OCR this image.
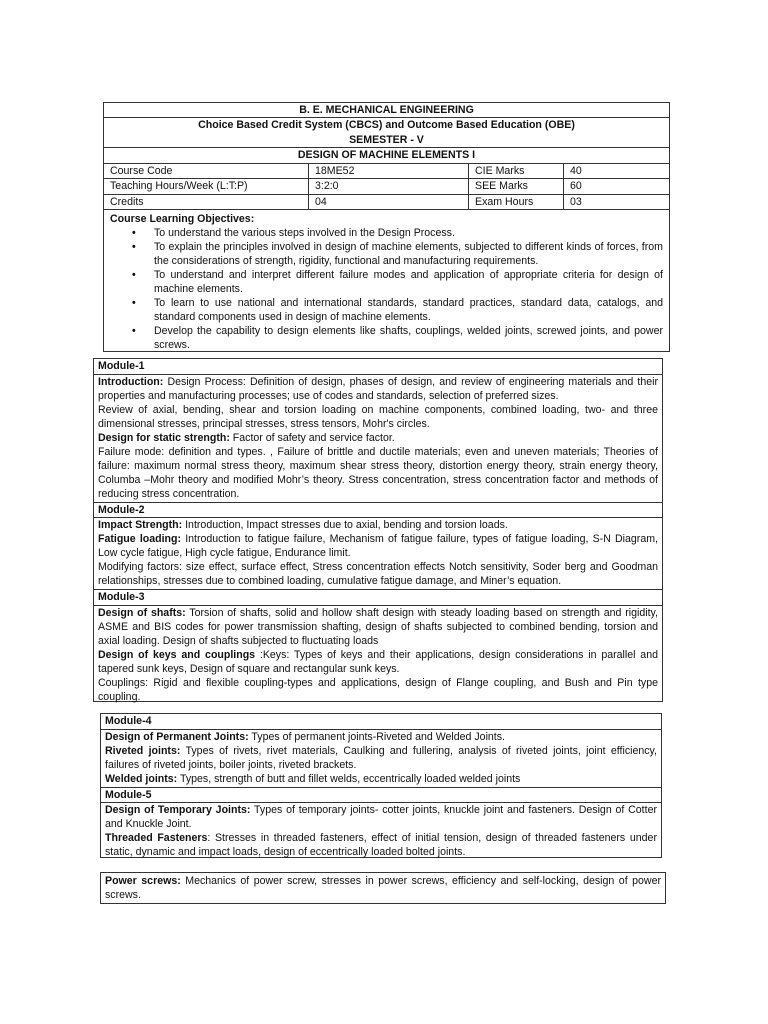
B. E. MECHANICAL ENGINEERING
Choice Based Credit System (CBCS) and Outcome Based Education (OBE)
SEMESTER - V
DESIGN OF MACHINE ELEMENTS I
Course Code	18ME52	CIE Marks	40
Teaching Hours/Week (L:T:P)	3:2:0	SEE Marks	60
Credits	04	Exam Hours	03
Course Learning Objectives:
• To understand the various steps involved in the Design Process.
• To explain the principles involved in design of machine elements, subjected to different kinds of forces, from the considerations of strength, rigidity, functional and manufacturing requirements.
• To understand and interpret different failure modes and application of appropriate criteria for design of machine elements.
• To learn to use national and international standards, standard practices, standard data, catalogs, and standard components used in design of machine elements.
• Develop the capability to design elements like shafts, couplings, welded joints, screwed joints, and power screws.
Module-1
Introduction: Design Process: Definition of design, phases of design, and review of engineering materials and their properties and manufacturing processes; use of codes and standards, selection of preferred sizes.
Review of axial, bending, shear and torsion loading on machine components, combined loading, two- and three dimensional stresses, principal stresses, stress tensors, Mohr's circles.
Design for static strength: Factor of safety and service factor.
Failure mode: definition and types. , Failure of brittle and ductile materials; even and uneven materials; Theories of failure: maximum normal stress theory, maximum shear stress theory, distortion energy theory, strain energy theory, Columba –Mohr theory and modified Mohr’s theory. Stress concentration, stress concentration factor and methods of reducing stress concentration.
Module-2
Impact Strength: Introduction, Impact stresses due to axial, bending and torsion loads.
Fatigue loading: Introduction to fatigue failure, Mechanism of fatigue failure, types of fatigue loading, S-N Diagram, Low cycle fatigue, High cycle fatigue, Endurance limit.
Modifying factors: size effect, surface effect, Stress concentration effects Notch sensitivity, Soder berg and Goodman relationships, stresses due to combined loading, cumulative fatigue damage, and Miner’s equation.
Module-3
Design of shafts: Torsion of shafts, solid and hollow shaft design with steady loading based on strength and rigidity, ASME and BIS codes for power transmission shafting, design of shafts subjected to combined bending, torsion and axial loading. Design of shafts subjected to fluctuating loads
Design of keys and couplings :Keys: Types of keys and their applications, design considerations in parallel and tapered sunk keys, Design of square and rectangular sunk keys.
Couplings: Rigid and flexible coupling-types and applications, design of Flange coupling, and Bush and Pin type coupling.
Module-4
Design of Permanent Joints: Types of permanent joints-Riveted and Welded Joints.
Riveted joints: Types of rivets, rivet materials, Caulking and fullering, analysis of riveted joints, joint efficiency, failures of riveted joints, boiler joints, riveted brackets.
Welded joints: Types, strength of butt and fillet welds, eccentrically loaded welded joints
Module-5
Design of Temporary Joints: Types of temporary joints- cotter joints, knuckle joint and fasteners. Design of Cotter and Knuckle Joint.
Threaded Fasteners: Stresses in threaded fasteners, effect of initial tension, design of threaded fasteners under static, dynamic and impact loads, design of eccentrically loaded bolted joints.
Power screws: Mechanics of power screw, stresses in power screws, efficiency and self-locking, design of power screws.
